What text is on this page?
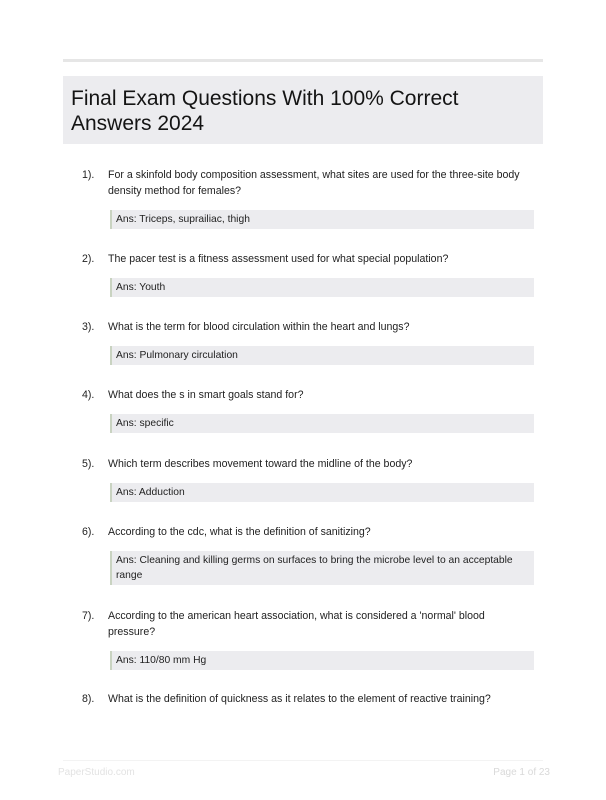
Final Exam Questions With 100% Correct Answers 2024
1).	For a skinfold body composition assessment, what sites are used for the three-site body density method for females?
Ans: Triceps, suprailiac, thigh
2).	The pacer test is a fitness assessment used for what special population?
Ans: Youth
3).	What is the term for blood circulation within the heart and lungs?
Ans: Pulmonary circulation
4).	What does the s in smart goals stand for?
Ans: specific
5).	Which term describes movement toward the midline of the body?
Ans: Adduction
6).	According to the cdc, what is the definition of sanitizing?
Ans: Cleaning and killing germs on surfaces to bring the microbe level to an acceptable range
7).	According to the american heart association, what is considered a 'normal' blood pressure?
Ans: 110/80 mm Hg
8).	What is the definition of quickness as it relates to the element of reactive training?
PaperStudio.com	Page 1 of 23
